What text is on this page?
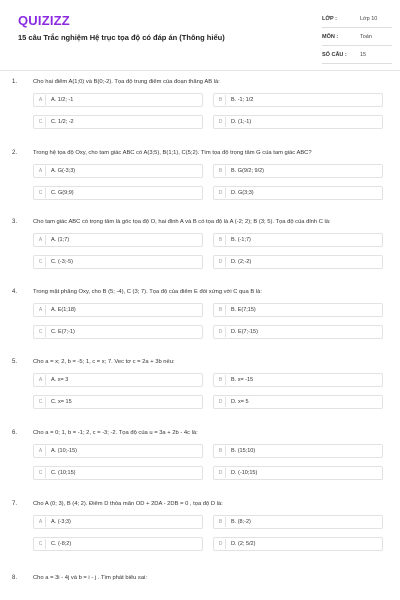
QUIZIZZ
15 câu Trắc nghiệm Hệ trục tọa độ có đáp án (Thông hiểu)
LỚP :	Lớp 10
MÔN :	Toán
SỐ CÂU :	15
1.	Cho hai điểm A(1;0) và B(0;-2). Tọa độ trung điểm của đoạn thẳng AB là:
A	A. 1/2; -1	B	B. -1; 1/2
C	C. 1/2; -2	D	D. (1;-1)
2.	Trong hệ tọa độ Oxy, cho tam giác ABC có A(3;5), B(1;1), C(5;2). Tìm tọa độ trọng tâm G của tam giác ABC?
A	A. G(-3;3)	B	B. G(9/2; 9/2)
C	C. G(9;9)	D	D. G(3;3)
3.	Cho tam giác ABC có trọng tâm là gốc tọa độ O, hai đỉnh A và B có tọa độ là A (-2; 2); B (3; 5). Tọa độ của đỉnh C là:
A	A. (1;7)	B	B. (-1;7)
C	C. (-3;-5)	D	D. (2;-2)
4.	Trong mặt phẳng Oxy, cho B (5; -4), C (3; 7). Tọa độ của điểm E đối xứng với C qua B là:
A	A. E(1;18)	B	B. E(7;15)
C	C. E(7;-1)	D	D. E(7;-15)
5.	Cho a = x; 2, b = -5; 1, c = x; 7. Vec tơ c = 2a + 3b nếu:
A	A. x= 3	B	B. x= -15
C	C. x= 15	D	D. x= 5
6.	Cho a = 0; 1, b = -1; 2, c = -3; -2. Tọa độ của u = 3a + 2b - 4c là:
A	A. (10;-15)	B	B. (15;10)
C	C. (10;15)	D	D. (-10;15)
7.	Cho A (0; 3), B (4; 2). Điểm D thỏa mãn OD + 2DA - 2DB = 0 , tọa độ D là:
A	A. (-3;3)	B	B. (8;-2)
C	C. (-8;2)	D	D. (2; 5/2)
8.	Cho a = 3i - 4j và b = i - j . Tìm phát biểu sai:
